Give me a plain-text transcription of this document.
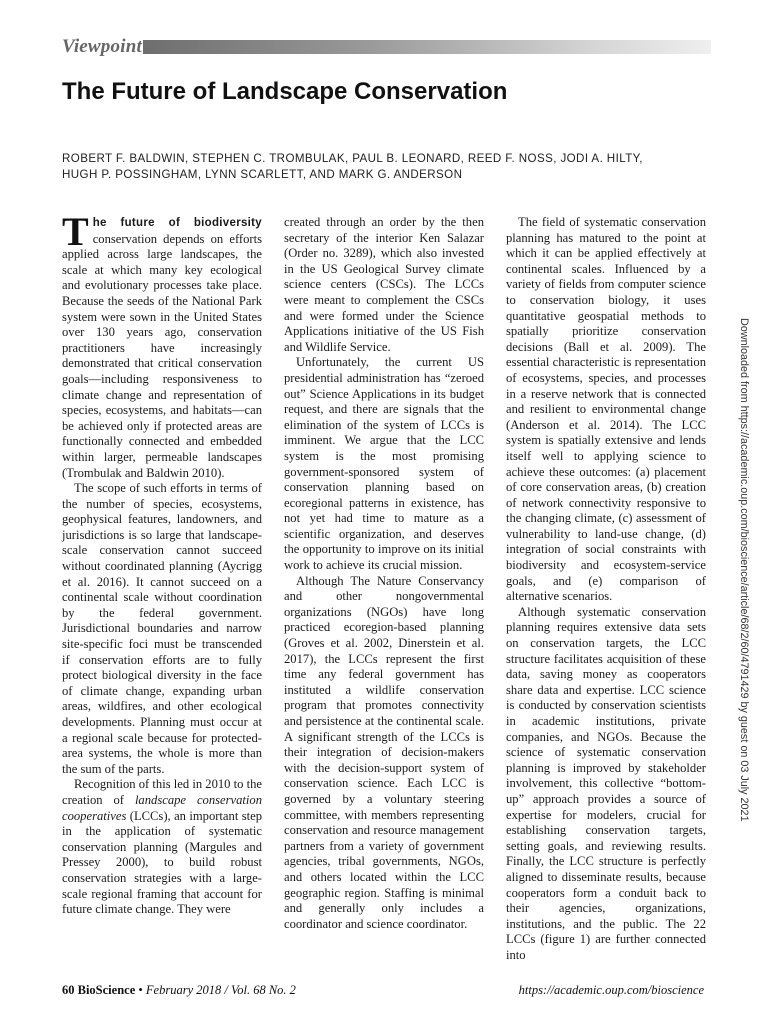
Viewpoint
The Future of Landscape Conservation
ROBERT F. BALDWIN, STEPHEN C. TROMBULAK, PAUL B. LEONARD, REED F. NOSS, JODI A. HILTY,
HUGH P. POSSINGHAM, LYNN SCARLETT, AND MARK G. ANDERSON

The future of biodiversity conservation depends on efforts applied across large landscapes, the scale at which many key ecological and evolutionary processes take place. Because the seeds of the National Park system were sown in the United States over 130 years ago, conservation practitioners have increasingly demonstrated that critical conservation goals—including responsiveness to climate change and representation of species, ecosystems, and habitats—can be achieved only if protected areas are functionally connected and embedded within larger, permeable landscapes (Trombulak and Baldwin 2010).

The scope of such efforts in terms of the number of species, ecosystems, geophysical features, landowners, and jurisdictions is so large that landscape-scale conservation cannot succeed without coordinated planning (Aycrigg et al. 2016). It cannot succeed on a continental scale without coordination by the federal government. Jurisdictional boundaries and narrow site-specific foci must be transcended if conservation efforts are to fully protect biological diversity in the face of climate change, expanding urban areas, wildfires, and other ecological developments. Planning must occur at a regional scale because for protected-area systems, the whole is more than the sum of the parts.

Recognition of this led in 2010 to the creation of landscape conservation cooperatives (LCCs), an important step in the application of systematic conservation planning (Margules and Pressey 2000), to build robust conservation strategies with a large-scale regional framing that account for future climate change. They were

created through an order by the then secretary of the interior Ken Salazar (Order no. 3289), which also invested in the US Geological Survey climate science centers (CSCs). The LCCs were meant to complement the CSCs and were formed under the Science Applications initiative of the US Fish and Wildlife Service.

Unfortunately, the current US presidential administration has “zeroed out” Science Applications in its budget request, and there are signals that the elimination of the system of LCCs is imminent. We argue that the LCC system is the most promising government-sponsored system of conservation planning based on ecoregional patterns in existence, has not yet had time to mature as a scientific organization, and deserves the opportunity to improve on its initial work to achieve its crucial mission.

Although The Nature Conservancy and other nongovernmental organizations (NGOs) have long practiced ecoregion-based planning (Groves et al. 2002, Dinerstein et al. 2017), the LCCs represent the first time any federal government has instituted a wildlife conservation program that promotes connectivity and persistence at the continental scale. A significant strength of the LCCs is their integration of decision-makers with the decision-support system of conservation science. Each LCC is governed by a voluntary steering committee, with members representing conservation and resource management partners from a variety of government agencies, tribal governments, NGOs, and others located within the LCC geographic region. Staffing is minimal and generally only includes a coordinator and science coordinator.

The field of systematic conservation planning has matured to the point at which it can be applied effectively at continental scales. Influenced by a variety of fields from computer science to conservation biology, it uses quantitative geospatial methods to spatially prioritize conservation decisions (Ball et al. 2009). The essential characteristic is representation of ecosystems, species, and processes in a reserve network that is connected and resilient to environmental change (Anderson et al. 2014). The LCC system is spatially extensive and lends itself well to applying science to achieve these outcomes: (a) placement of core conservation areas, (b) creation of network connectivity responsive to the changing climate, (c) assessment of vulnerability to land-use change, (d) integration of social constraints with biodiversity and ecosystem-service goals, and (e) comparison of alternative scenarios.

Although systematic conservation planning requires extensive data sets on conservation targets, the LCC structure facilitates acquisition of these data, saving money as cooperators share data and expertise. LCC science is conducted by conservation scientists in academic institutions, private companies, and NGOs. Because the science of systematic conservation planning is improved by stakeholder involvement, this collective “bottom-up” approach provides a source of expertise for modelers, crucial for establishing conservation targets, setting goals, and reviewing results. Finally, the LCC structure is perfectly aligned to disseminate results, because cooperators form a conduit back to their agencies, organizations, institutions, and the public. The 22 LCCs (figure 1) are further connected into

Downloaded from https://academic.oup.com/bioscience/article/68/2/60/4791429 by guest on 03 July 2021
60 BioScience • February 2018 / Vol. 68 No. 2	https://academic.oup.com/bioscience
